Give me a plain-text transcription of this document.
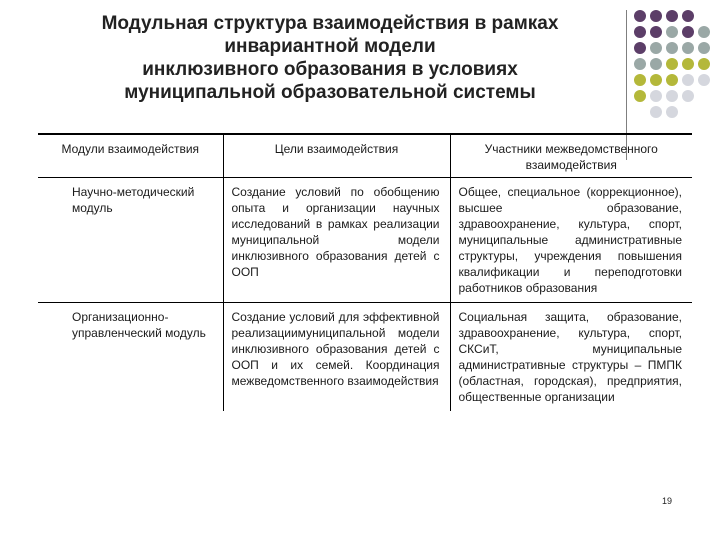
Модульная структура взаимодействия в рамках
инвариантной модели
инклюзивного образования в условиях
муниципальной образовательной системы
Модули взаимодействия	Цели взаимодействия	Участники межведомственного взаимодействия
Научно-методический модуль	Создание условий по обобщению опыта и организации научных исследований в рамках реализации муниципальной модели инклюзивного образования детей с ООП	Общее, специальное (коррекционное), высшее образование, здравоохранение, культура, спорт, муниципальные административные структуры, учреждения повышения квалификации и переподготовки работников образования
Организационно-управленческий модуль	Создание условий для эффективной реализациимуниципальной модели инклюзивного образования детей с ООП и их семей. Координация межведомственного взаимодействия	Социальная защита, образование, здравоохранение, культура, спорт, СКСиТ, муниципальные административные структуры – ПМПК (областная, городская), предприятия, общественные организации
19
